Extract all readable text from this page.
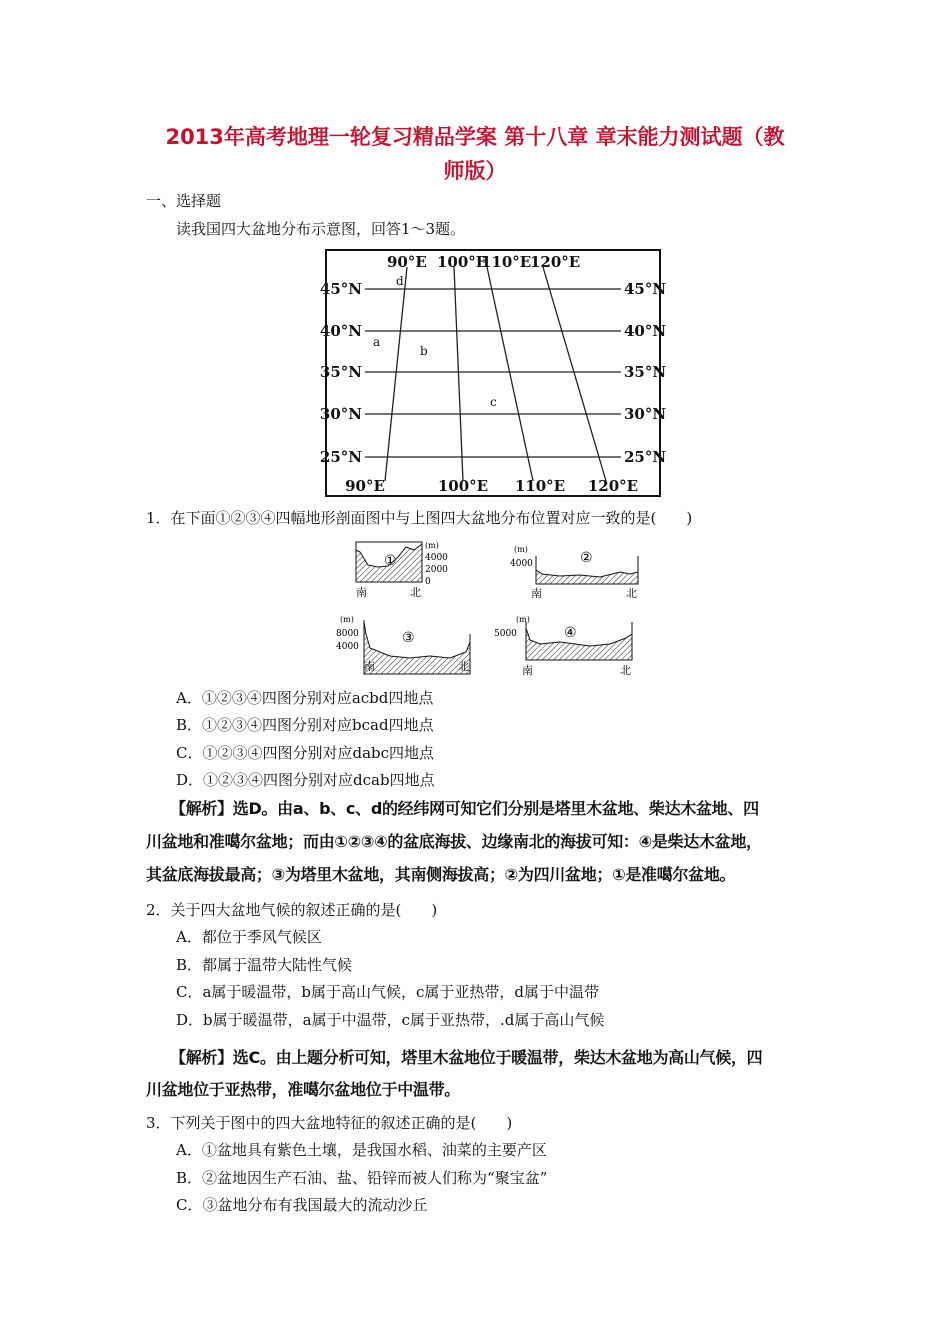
2013年高考地理一轮复习精品学案 第十八章 章末能力测试题（教
师版）
一、选择题
读我国四大盆地分布示意图，回答1～3题。
90°E 100°E
110°E
120°E
90°E	100°E 110°E 120°E
45°N
40°N
35°N
30°N
25°N
45°N
40°N
35°N
30°N
25°N
d
a
b
c
1．在下面①②③④四幅地形剖面图中与上图四大盆地分布位置对应一致的是(　　)
①
(m)
4000
2000
0
南	北
②
(m)
4000
南	北
③
(m)
8000
4000
南	北
④
(m)
5000
南	北
A．①②③④四图分别对应acbd四地点
B．①②③④四图分别对应bcad四地点
C．①②③④四图分别对应dabc四地点
D．①②③④四图分别对应dcab四地点
【解析】选D。由a、b、c、d的经纬网可知它们分别是塔里木盆地、柴达木盆地、四
川盆地和准噶尔盆地；而由①②③④的盆底海拔、边缘南北的海拔可知：④是柴达木盆地，
其盆底海拔最高；③为塔里木盆地，其南侧海拔高；②为四川盆地；①是准噶尔盆地。
2．关于四大盆地气候的叙述正确的是(　　)
A．都位于季风气候区
B．都属于温带大陆性气候
C．a属于暖温带，b属于高山气候，c属于亚热带，d属于中温带
D．b属于暖温带，a属于中温带，c属于亚热带，.d属于高山气候
【解析】选C。由上题分析可知，塔里木盆地位于暖温带，柴达木盆地为高山气候，四
川盆地位于亚热带，准噶尔盆地位于中温带。
3．下列关于图中的四大盆地特征的叙述正确的是(　　)
A．①盆地具有紫色土壤，是我国水稻、油菜的主要产区
B．②盆地因生产石油、盐、铅锌而被人们称为“聚宝盆”
C．③盆地分布有我国最大的流动沙丘
